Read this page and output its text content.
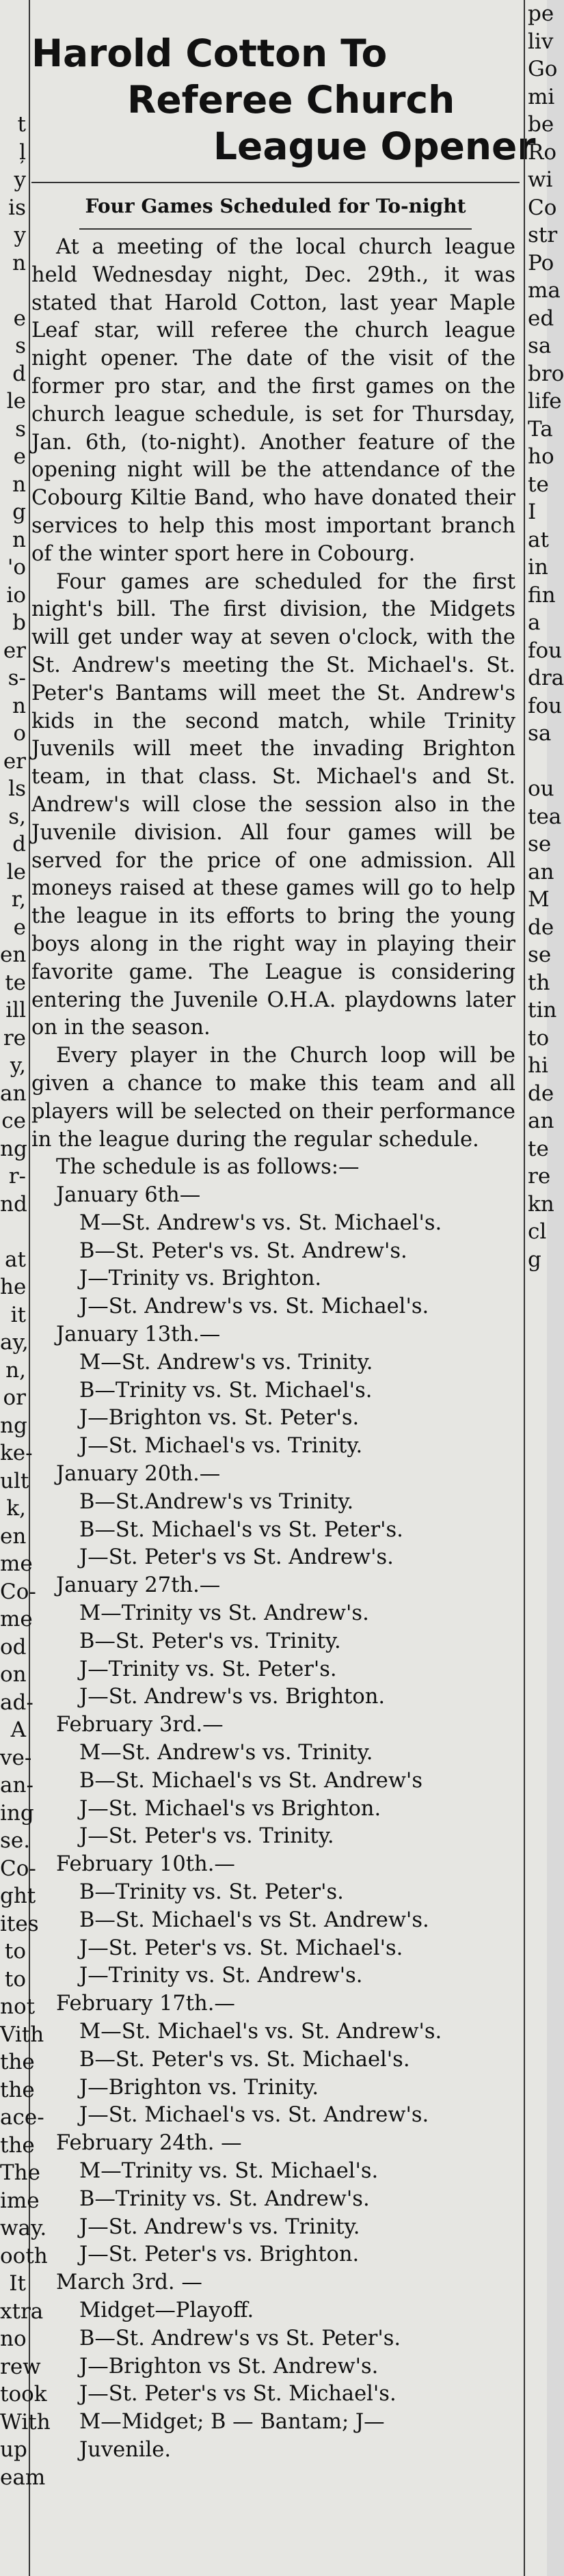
t
ļ
y
is
y
n

e
s
d
le
s
e
n
g
n
'o
io
b
er
s-
n
o
er
ls
s,
d
le
r,
e
en
te
ill
re
y,
an
ce
ng
r-
nd

at
he
it
ay,
n,
or
ng
ke-
ult
k,
en
me
Co-
me
od
on
ad-
A
ve-
an-
ing
se.
Co-
ght
ites
to
to
not
Vith
the
the
ace-
the
The
ime
way.
ooth
It
xtra
no
rew
took
With
up
eam
Harold Cotton To
Referee Church
League Opener
Four Games Scheduled for To-night

At a meeting of the local church league held Wednesday night, Dec. 29th., it was stated that Harold Cotton, last year Maple Leaf star, will referee the church league night opener. The date of the visit of the former pro star, and the first games on the church league schedule, is set for Thursday, Jan. 6th, (to-night). Another feature of the opening night will be the attendance of the Cobourg Kiltie Band, who have donated their services to help this most important branch of the winter sport here in Cobourg.

Four games are scheduled for the first night's bill. The first division, the Midgets will get under way at seven o'clock, with the St. Andrew's meeting the St. Michael's. St. Peter's Bantams will meet the St. Andrew's kids in the second match, while Trinity Juvenils will meet the invading Brighton team, in that class. St. Michael's and St. Andrew's will close the session also in the Juvenile division. All four games will be served for the price of one admission. All moneys raised at these games will go to help the league in its efforts to bring the young boys along in the right way in playing their favorite game. The League is considering entering the Juvenile O.H.A. playdowns later on in the season.

Every player in the Church loop will be given a chance to make this team and all players will be selected on their performance in the league during the regular schedule.

The schedule is as follows:—

January 6th—
M—St. Andrew's vs. St. Michael's.
B—St. Peter's vs. St. Andrew's.
J—Trinity vs. Brighton.
J—St. Andrew's vs. St. Michael's.
January 13th.—
M—St. Andrew's vs. Trinity.
B—Trinity vs. St. Michael's.
J—Brighton vs. St. Peter's.
J—St. Michael's vs. Trinity.
January 20th.—
B—St.Andrew's vs Trinity.
B—St. Michael's vs St. Peter's.
J—St. Peter's vs St. Andrew's.
January 27th.—
M—Trinity vs St. Andrew's.
B—St. Peter's vs. Trinity.
J—Trinity vs. St. Peter's.
J—St. Andrew's vs. Brighton.
February 3rd.—
M—St. Andrew's vs. Trinity.
B—St. Michael's vs St. Andrew's
J—St. Michael's vs Brighton.
J—St. Peter's vs. Trinity.
February 10th.—
B—Trinity vs. St. Peter's.
B—St. Michael's vs St. Andrew's.
J—St. Peter's vs. St. Michael's.
J—Trinity vs. St. Andrew's.
February 17th.—
M—St. Michael's vs. St. Andrew's.
B—St. Peter's vs. St. Michael's.
J—Brighton vs. Trinity.
J—St. Michael's vs. St. Andrew's.
February 24th. —
M—Trinity vs. St. Michael's.
B—Trinity vs. St. Andrew's.
J—St. Andrew's vs. Trinity.
J—St. Peter's vs. Brighton.
March 3rd. —
Midget—Playoff.
B—St. Andrew's vs St. Peter's.
J—Brighton vs St. Andrew's.
J—St. Peter's vs St. Michael's.
M—Midget; B — Bantam; J—
Juvenile.
pe
liv
Go
mi
be
Ro
wi
Co
str
Po
ma
ed
sa
bro
life
Ta
ho
te
I
at
in
fin
a
fou
dra
fou
sa

ou
tea
se
an
M
de
se
th
tin
to
hi
de
an
te
re
kn
cl
g
